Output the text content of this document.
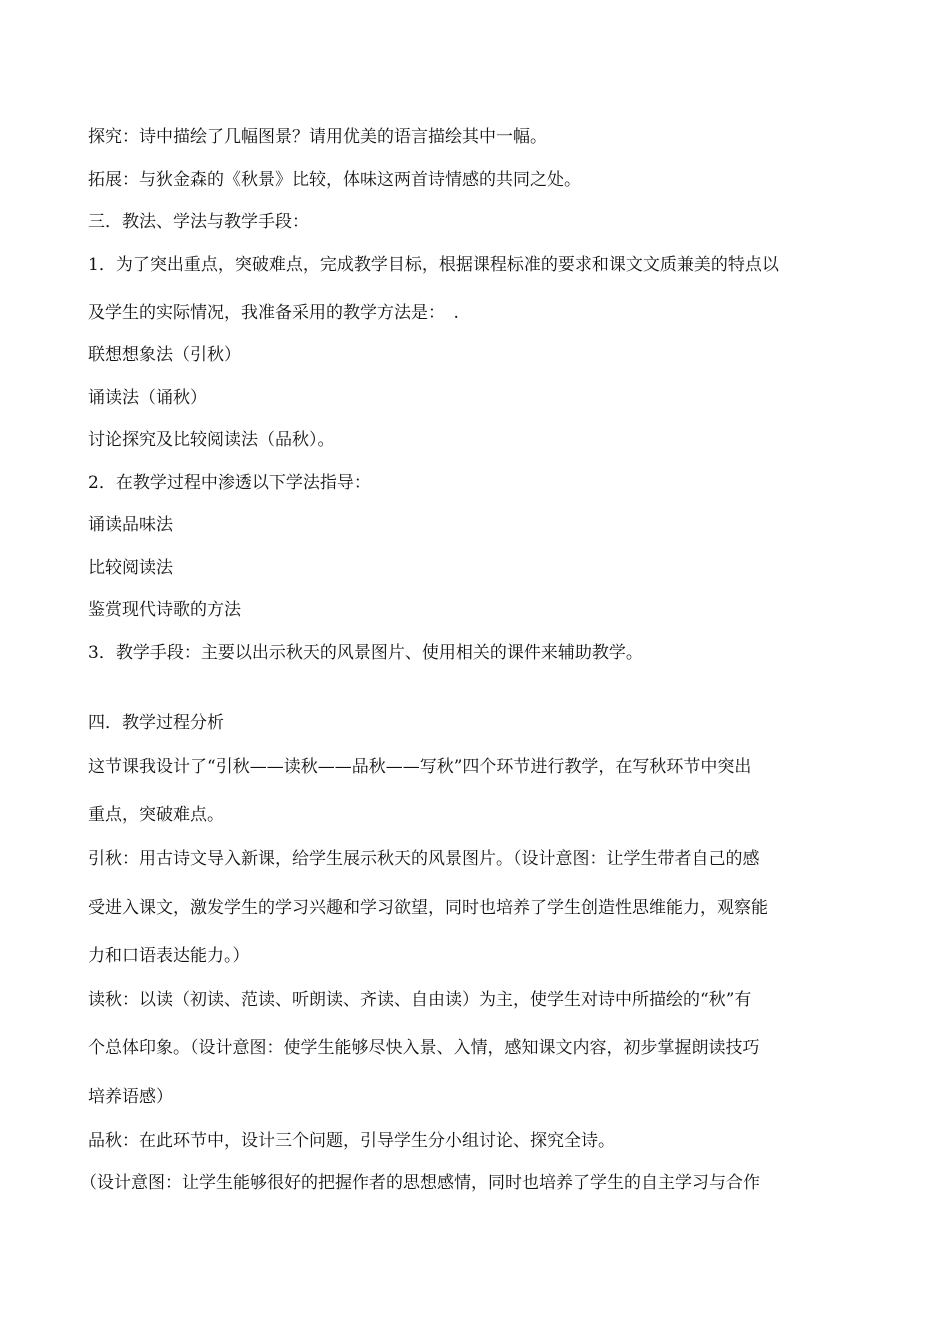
探究：诗中描绘了几幅图景？请用优美的语言描绘其中一幅。
拓展：与狄金森的《秋景》比较，体味这两首诗情感的共同之处。
三．教法、学法与教学手段：
1．为了突出重点，突破难点，完成教学目标，根据课程标准的要求和课文文质兼美的特点以
及学生的实际情况，我准备采用的教学方法是：　.
联想想象法（引秋）
诵读法（诵秋）
讨论探究及比较阅读法（品秋）。
2．在教学过程中渗透以下学法指导：
诵读品味法
比较阅读法
鉴赏现代诗歌的方法
3．教学手段：主要以出示秋天的风景图片、使用相关的课件来辅助教学。
四．教学过程分析
这节课我设计了“引秋——读秋——品秋——写秋”四个环节进行教学，在写秋环节中突出
重点，突破难点。
引秋：用古诗文导入新课，给学生展示秋天的风景图片。（设计意图：让学生带者自己的感
受进入课文，激发学生的学习兴趣和学习欲望，同时也培养了学生创造性思维能力，观察能
力和口语表达能力。）
读秋：以读（初读、范读、听朗读、齐读、自由读）为主，使学生对诗中所描绘的“秋”有
个总体印象。（设计意图：使学生能够尽快入景、入情，感知课文内容，初步掌握朗读技巧
培养语感）
品秋：在此环节中，设计三个问题，引导学生分小组讨论、探究全诗。
（设计意图：让学生能够很好的把握作者的思想感情，同时也培养了学生的自主学习与合作
